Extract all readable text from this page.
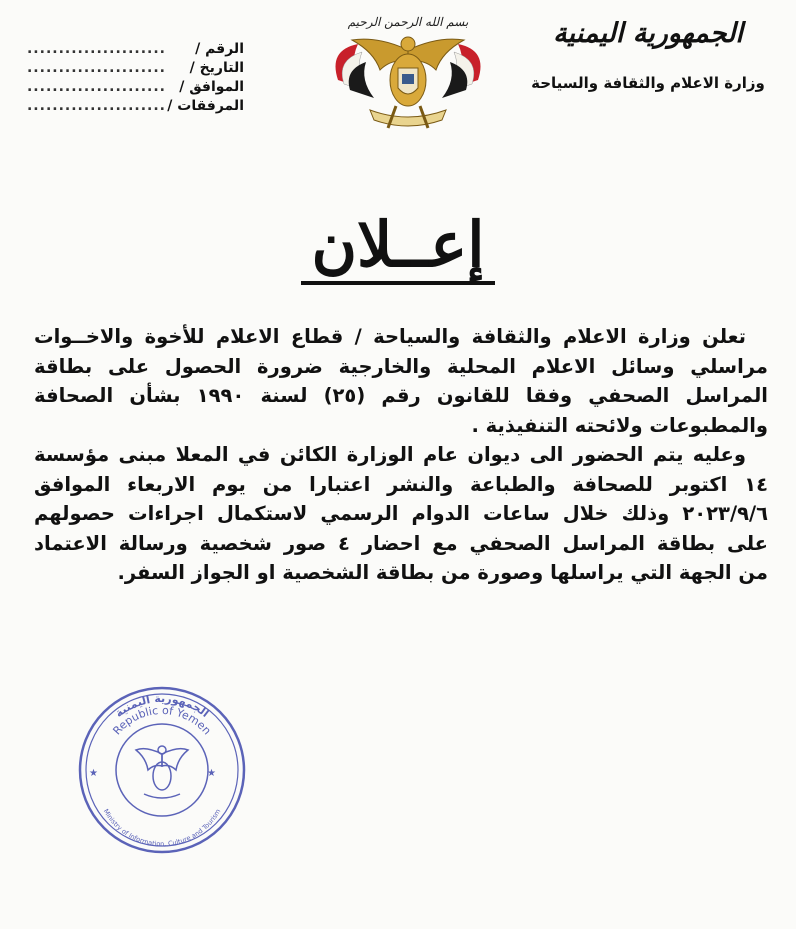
الجمهورية اليمنية
وزارة الاعلام والثقافة والسياحة
بسم الله الرحمن الرحيم
الرقم /
......................
التاريخ /
......................
الموافق /
......................
المرفقات /
......................
إعــلان
تعلن وزارة الاعلام والثقافة والسياحة / قطاع الاعلام للأخوة والاخــوات
مراسلي وسائل الاعلام المحلية والخارجية ضرورة الحصول على بطاقة
المراسل الصحفي وفقا للقانون رقم (٢٥) لسنة ١٩٩٠ بشأن الصحافة
والمطبوعات ولائحته التنفيذية .
وعليه يتم الحضور الى ديوان عام الوزارة الكائن في المعلا مبنى مؤسسة
١٤ اكتوبر للصحافة والطباعة والنشر اعتبارا من يوم الاربعاء الموافق
٢٠٢٣/٩/٦ وذلك خلال ساعات الدوام الرسمي لاستكمال اجراءات حصولهم
على بطاقة المراسل الصحفي مع احضار ٤ صور شخصية ورسالة الاعتماد
من الجهة التي يراسلها وصورة من بطاقة الشخصية او الجواز السفر.
الجمهورية اليمنية
Republic of Yemen
Ministry of Information, Culture and Tourism
★	★
